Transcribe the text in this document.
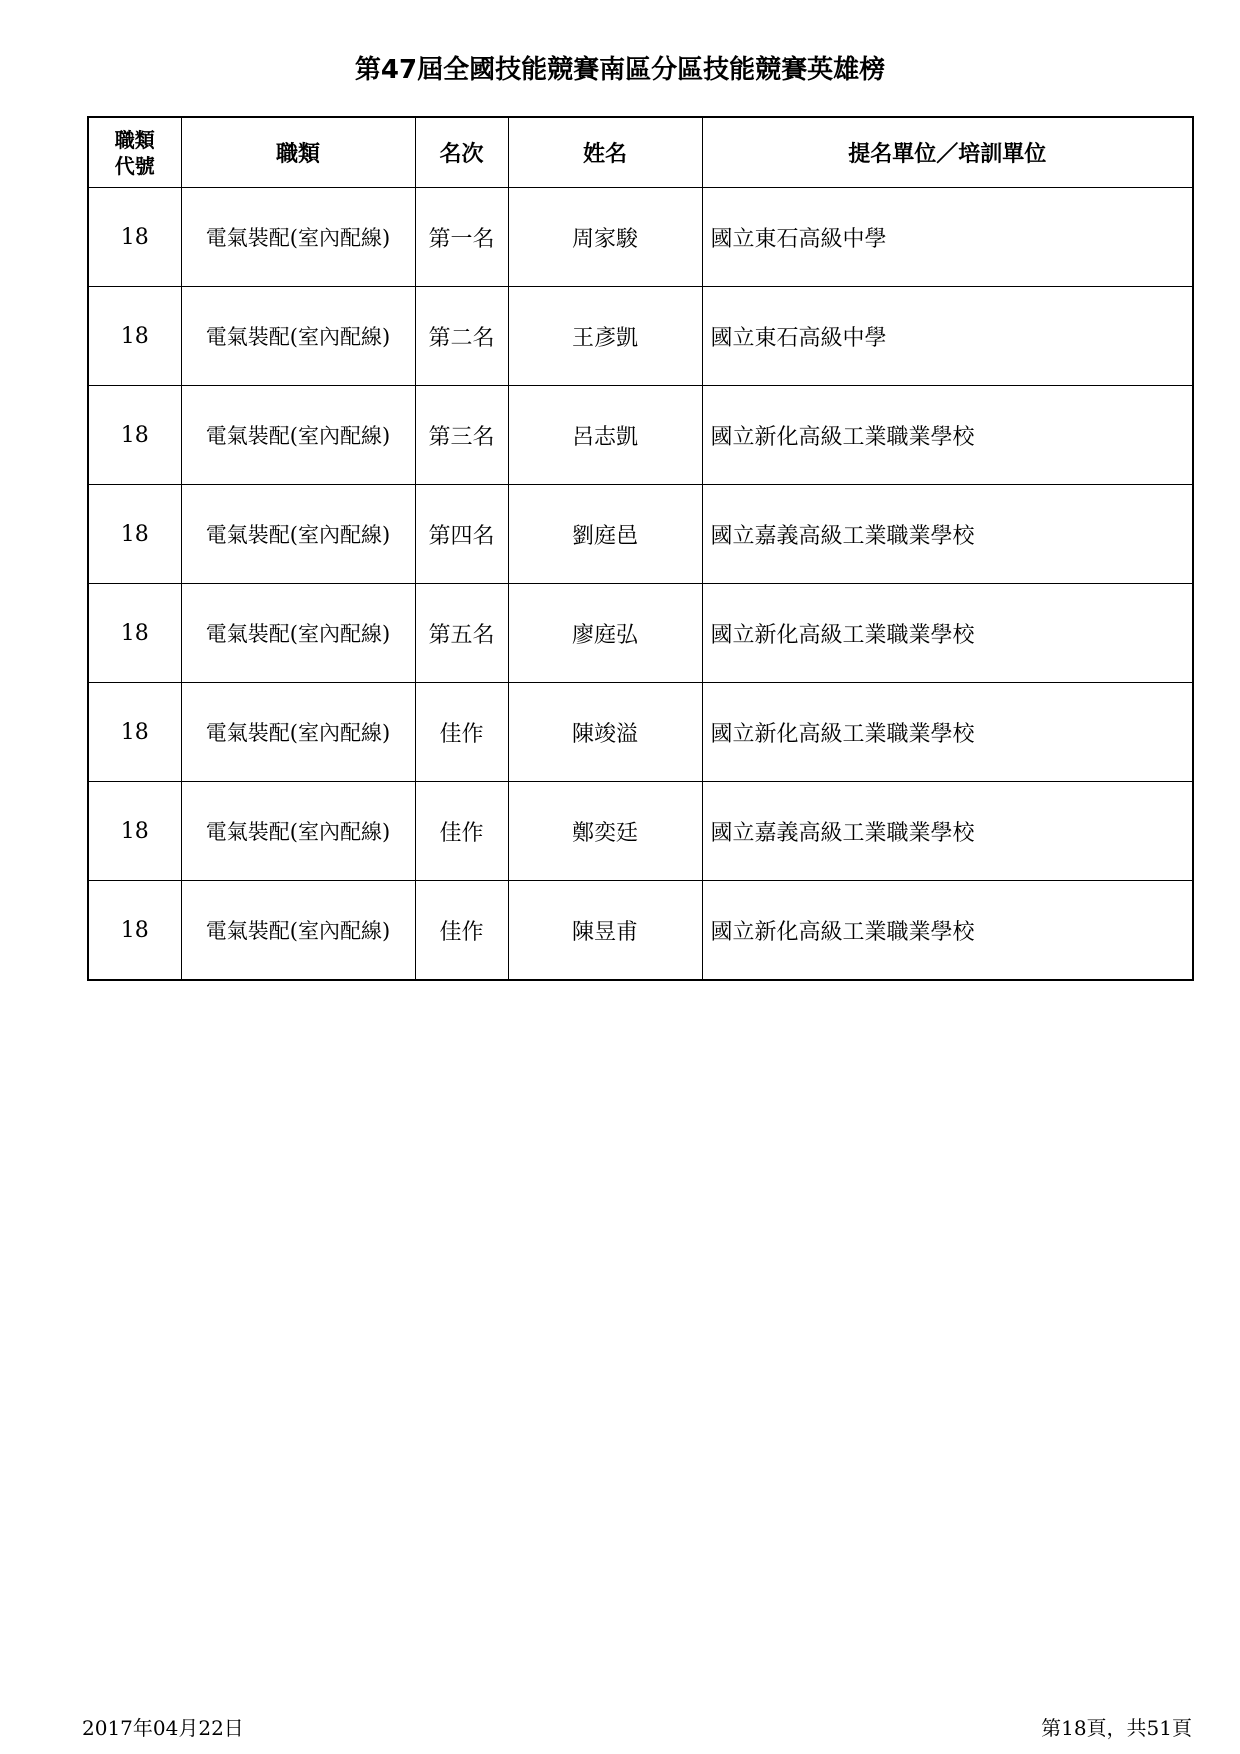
第47屆全國技能競賽南區分區技能競賽英雄榜
職類
代號	職類	名次	姓名	提名單位／培訓單位
18	電氣裝配(室內配線)	第一名	周家駿	國立東石高級中學
18	電氣裝配(室內配線)	第二名	王彥凱	國立東石高級中學
18	電氣裝配(室內配線)	第三名	呂志凱	國立新化高級工業職業學校
18	電氣裝配(室內配線)	第四名	劉庭邑	國立嘉義高級工業職業學校
18	電氣裝配(室內配線)	第五名	廖庭弘	國立新化高級工業職業學校
18	電氣裝配(室內配線)	佳作	陳竣溢	國立新化高級工業職業學校
18	電氣裝配(室內配線)	佳作	鄭奕廷	國立嘉義高級工業職業學校
18	電氣裝配(室內配線)	佳作	陳昱甫	國立新化高級工業職業學校
2017年04月22日	第18頁，共51頁
